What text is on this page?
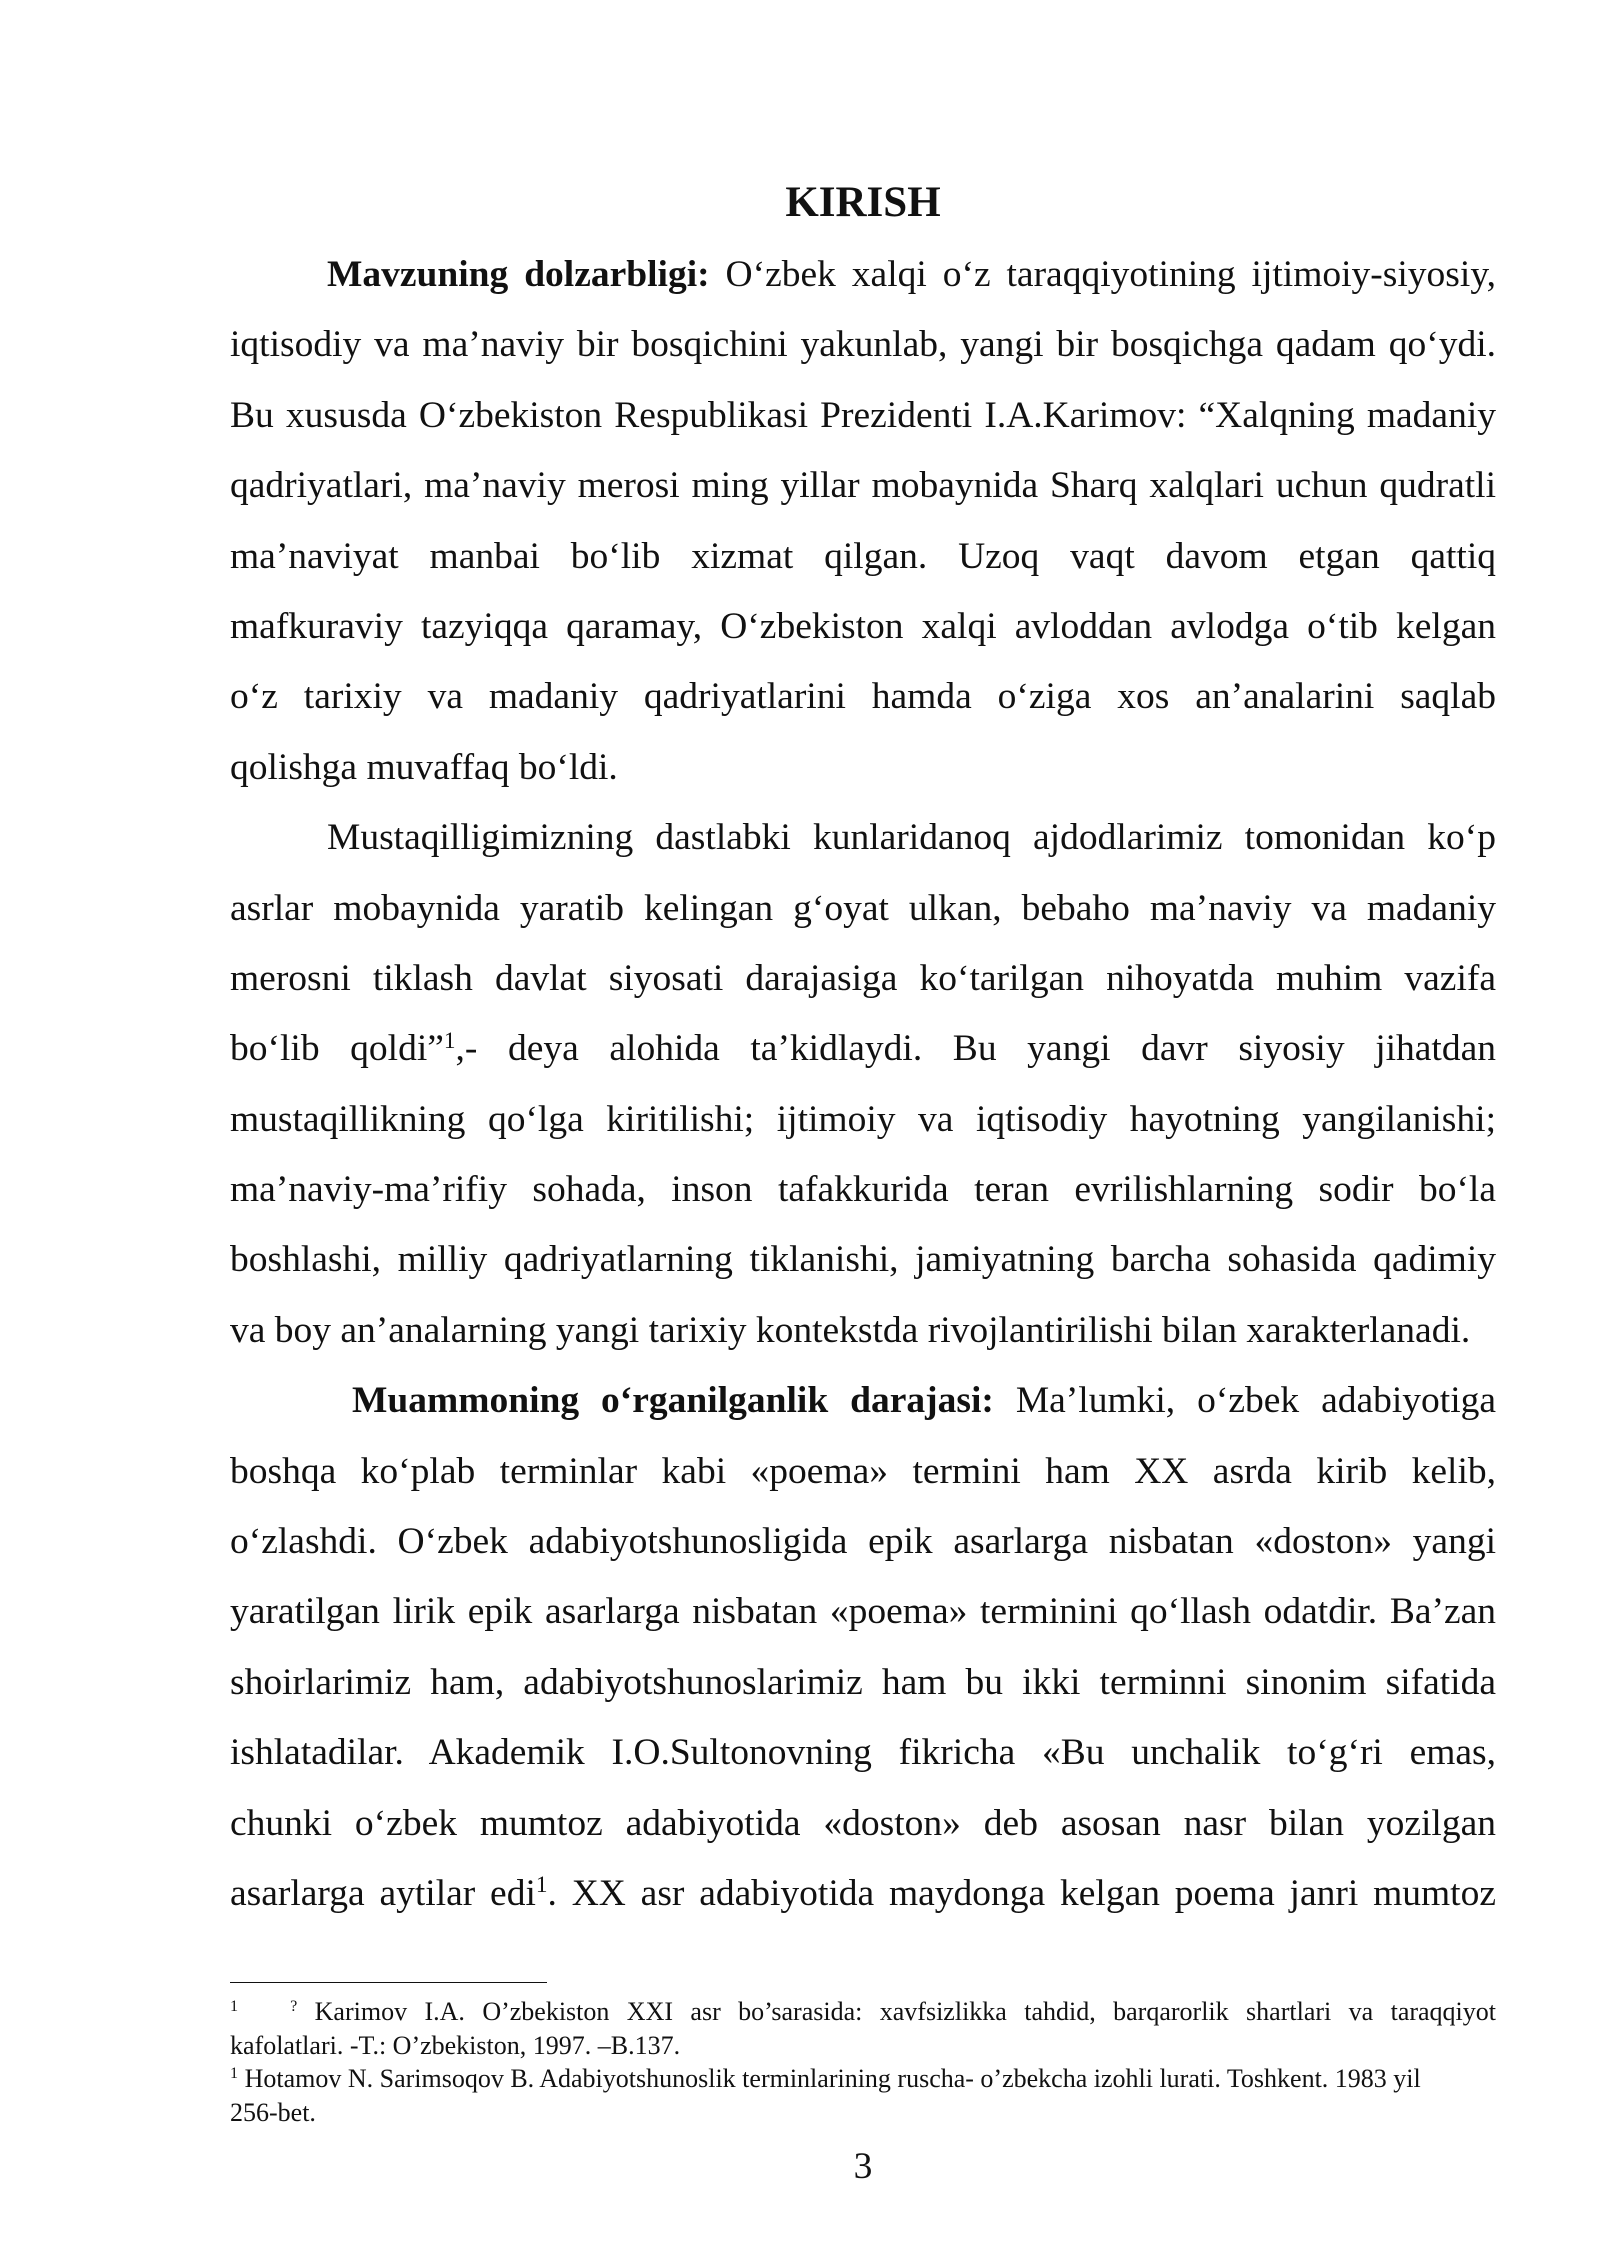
KIRISH
Mavzuning dolzarbligi: O‘zbek xalqi o‘z taraqqiyotining ijtimoiy-siyosiy,
iqtisodiy va ma’naviy bir bosqichini yakunlab, yangi bir bosqichga qadam qo‘ydi.
Bu xususda O‘zbekiston Respublikasi Prezidenti I.A.Karimov: “Xalqning madaniy
qadriyatlari, ma’naviy merosi ming yillar mobaynida Sharq xalqlari uchun qudratli
ma’naviyat manbai bo‘lib xizmat qilgan. Uzoq vaqt davom etgan qattiq
mafkuraviy tazyiqqa qaramay, O‘zbekiston xalqi avloddan avlodga o‘tib kelgan
o‘z tarixiy va madaniy qadriyatlarini hamda o‘ziga xos an’analarini saqlab
qolishga muvaffaq bo‘ldi.
Mustaqilligimizning dastlabki kunlaridanoq ajdodlarimiz tomonidan ko‘p
asrlar mobaynida yaratib kelingan g‘oyat ulkan, bebaho ma’naviy va madaniy
merosni tiklash davlat siyosati darajasiga ko‘tarilgan nihoyatda muhim vazifa
bo‘lib qoldi”$^1$,- deya alohida ta’kidlaydi. Bu yangi davr siyosiy jihatdan
mustaqillikning qo‘lga kiritilishi; ijtimoiy va iqtisodiy hayotning yangilanishi;
ma’naviy-ma’rifiy sohada, inson tafakkurida teran evrilishlarning sodir bo‘la
boshlashi, milliy qadriyatlarning tiklanishi, jamiyatning barcha sohasida qadimiy
va boy an’analarning yangi tarixiy kontekstda rivojlantirilishi bilan xarakterlanadi.
Muammoning o‘rganilganlik darajasi: Ma’lumki, o‘zbek adabiyotiga
boshqa ko‘plab terminlar kabi «poema» termini ham XX asrda kirib kelib,
o‘zlashdi. O‘zbek adabiyotshunosligida epik asarlarga nisbatan «doston» yangi
yaratilgan lirik epik asarlarga nisbatan «poema» terminini qo‘llash odatdir. Ba’zan
shoirlarimiz ham, adabiyotshunoslarimiz ham bu ikki terminni sinonim sifatida
ishlatadilar. Akademik I.O.Sultonovning fikricha «Bu unchalik to‘g‘ri emas,
chunki o‘zbek mumtoz adabiyotida «doston» deb asosan nasr bilan yozilgan
asarlarga aytilar edi$^1$. XX asr adabiyotida maydonga kelgan poema janri mumtoz
$^1$	? Karimov I.A. O’zbekiston XXI asr bo’sarasida: xavfsizlikka tahdid, barqarorlik shartlari va taraqqiyot
kafolatlari. -T.: O’zbekiston, 1997. –B.137.
$^1$ Hotamov N. Sarimsoqov B. Adabiyotshunoslik terminlarining ruscha- o’zbekcha izohli lurati. Toshkent. 1983 yil
256-bet.
3
